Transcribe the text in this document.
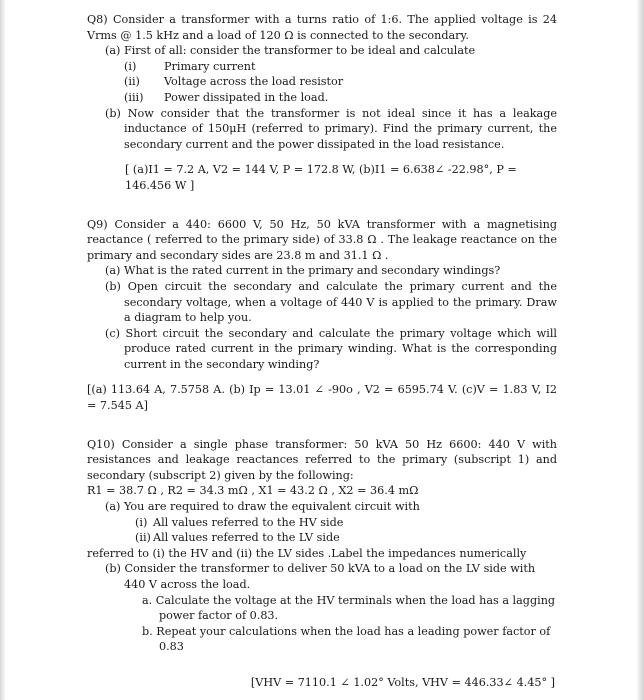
Q8) Consider a transformer with a turns ratio of 1:6. The applied voltage is 24 Vrms @ 1.5 kHz and a load of 120 Ω is connected to the secondary.

(a) First of all: consider the transformer to be ideal and calculate

(i)	Primary current
(ii)	Voltage across the load resistor
(iii)	Power dissipated in the load.

(b) Now consider that the transformer is not ideal since it has a leakage inductance of 150μH (referred to primary). Find the primary current, the secondary current and the power dissipated in the load resistance.

[ (a)I1 = 7.2 A, V2 = 144 V, P = 172.8 W, (b)I1 = 6.638∠ -22.98°, P = 146.456 W ]

Q9) Consider a 440: 6600 V, 50 Hz, 50 kVA transformer with a magnetising reactance ( referred to the primary side) of 33.8 Ω . The leakage reactance on the primary and secondary sides are 23.8 m and 31.1 Ω .

(a) What is the rated current in the primary and secondary windings?

(b) Open circuit the secondary and calculate the primary current and the secondary voltage, when a voltage of 440 V is applied to the primary. Draw a diagram to help you.

(c) Short circuit the secondary and calculate the primary voltage which will produce rated current in the primary winding. What is the corresponding current in the secondary winding?

[(a) 113.64 A, 7.5758 A. (b) Ip = 13.01 ∠ -90o , V2 = 6595.74 V. (c)V = 1.83 V, I2 = 7.545 A]

Q10) Consider a single phase transformer: 50 kVA 50 Hz 6600: 440 V with resistances and leakage reactances referred to the primary (subscript 1) and secondary (subscript 2) given by the following:

R1 = 38.7 Ω , R2 = 34.3 mΩ , X1 = 43.2 Ω , X2 = 36.4 mΩ

(a) You are required to draw the equivalent circuit with

(i) All values referred to the HV side
(ii) All values referred to the LV side

referred to (i) the HV and (ii) the LV sides .Label the impedances numerically

(b) Consider the transformer to deliver 50 kVA to a load on the LV side with 440 V across the load.

a. Calculate the voltage at the HV terminals when the load has a lagging power factor of 0.83.

b. Repeat your calculations when the load has a leading power factor of 0.83

[VHV = 7110.1 ∠ 1.02° Volts, VHV = 446.33∠ 4.45° ]
